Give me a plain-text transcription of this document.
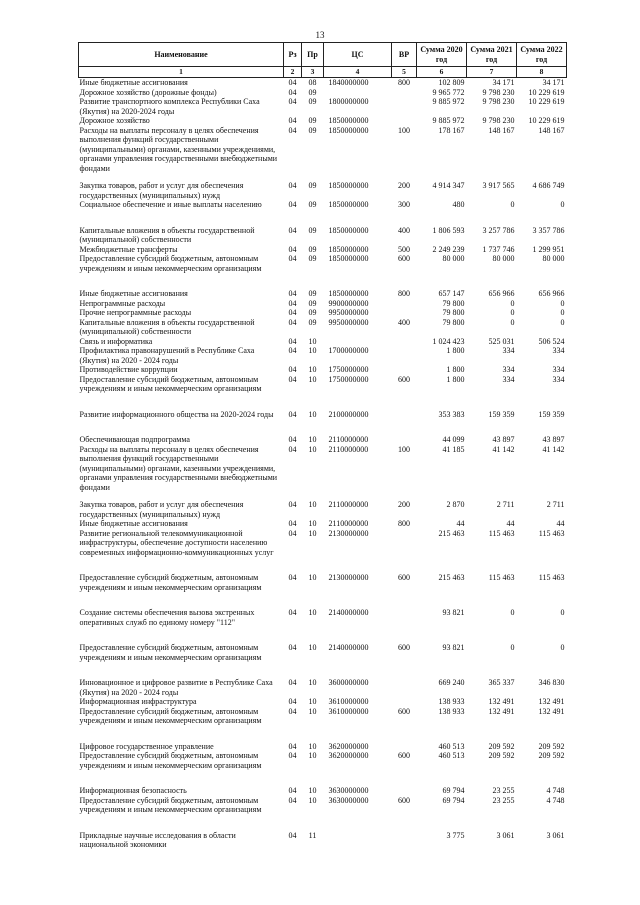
13
Наименование	Рз	Пр	ЦС	ВР	Сумма 2020 год	Сумма 2021 год	Сумма 2022 год
1	2	3	4	5	6	7	8
Иные бюджетные ассигнования	04	08	1840000000	800	102 809	34 171	34 171
Дорожное хозяйство (дорожные фонды)	04	09			9 965 772	9 798 230	10 229 619
Развитие транспортного комплекса Республики Саха (Якутия) на 2020-2024 годы	04	09	1800000000		9 885 972	9 798 230	10 229 619
Дорожное хозяйство	04	09	1850000000		9 885 972	9 798 230	10 229 619
Расходы на выплаты персоналу в целях обеспечения выполнения функций государственными (муниципальными) органами, казенными учреждениями, органами управления государственными внебюджетными фондами	04	09	1850000000	100	178 167	148 167	148 167
Закупка товаров, работ и услуг для обеспечения государственных (муниципальных) нужд	04	09	1850000000	200	4 914 347	3 917 565	4 686 749
Социальное обеспечение и иные выплаты населению	04	09	1850000000	300	480	0	0
Капитальные вложения в объекты государственной (муниципальной) собственности	04	09	1850000000	400	1 806 593	3 257 786	3 357 786
Межбюджетные трансферты	04	09	1850000000	500	2 249 239	1 737 746	1 299 951
Предоставление субсидий бюджетным, автономным учреждениям и иным некоммерческим организациям	04	09	1850000000	600	80 000	80 000	80 000
Иные бюджетные ассигнования	04	09	1850000000	800	657 147	656 966	656 966
Непрограммные расходы	04	09	9900000000		79 800	0	0
Прочие непрограммные расходы	04	09	9950000000		79 800	0	0
Капитальные вложения в объекты государственной (муниципальной) собственности	04	09	9950000000	400	79 800	0	0
Связь и информатика	04	10			1 024 423	525 031	506 524
Профилактика правонарушений в Республике Саха (Якутия) на 2020 - 2024 годы	04	10	1700000000		1 800	334	334
Противодействие коррупции	04	10	1750000000		1 800	334	334
Предоставление субсидий бюджетным, автономным учреждениям и иным некоммерческим организациям	04	10	1750000000	600	1 800	334	334
Развитие информационного общества на 2020-2024 годы	04	10	2100000000		353 383	159 359	159 359
Обеспечивающая подпрограмма	04	10	2110000000		44 099	43 897	43 897
Расходы на выплаты персоналу в целях обеспечения выполнения функций государственными (муниципальными) органами, казенными учреждениями, органами управления государственными внебюджетными фондами	04	10	2110000000	100	41 185	41 142	41 142
Закупка товаров, работ и услуг для обеспечения государственных (муниципальных) нужд	04	10	2110000000	200	2 870	2 711	2 711
Иные бюджетные ассигнования	04	10	2110000000	800	44	44	44
Развитие региональной телекоммуникационной инфраструктуры, обеспечение доступности населению современных информационно-коммуникационных услуг	04	10	2130000000		215 463	115 463	115 463
Предоставление субсидий бюджетным, автономным учреждениям и иным некоммерческим организациям	04	10	2130000000	600	215 463	115 463	115 463
Создание системы обеспечения вызова экстренных оперативных служб по единому номеру "112"	04	10	2140000000		93 821	0	0
Предоставление субсидий бюджетным, автономным учреждениям и иным некоммерческим организациям	04	10	2140000000	600	93 821	0	0
Инновационное и цифровое развитие в Республике Саха (Якутия) на 2020 - 2024 годы	04	10	3600000000		669 240	365 337	346 830
Информационная инфраструктура	04	10	3610000000		138 933	132 491	132 491
Предоставление субсидий бюджетным, автономным учреждениям и иным некоммерческим организациям	04	10	3610000000	600	138 933	132 491	132 491
Цифровое государственное управление	04	10	3620000000		460 513	209 592	209 592
Предоставление субсидий бюджетным, автономным учреждениям и иным некоммерческим организациям	04	10	3620000000	600	460 513	209 592	209 592
Информационная безопасность	04	10	3630000000		69 794	23 255	4 748
Предоставление субсидий бюджетным, автономным учреждениям и иным некоммерческим организациям	04	10	3630000000	600	69 794	23 255	4 748
Прикладные научные исследования в области национальной экономики	04	11			3 775	3 061	3 061
